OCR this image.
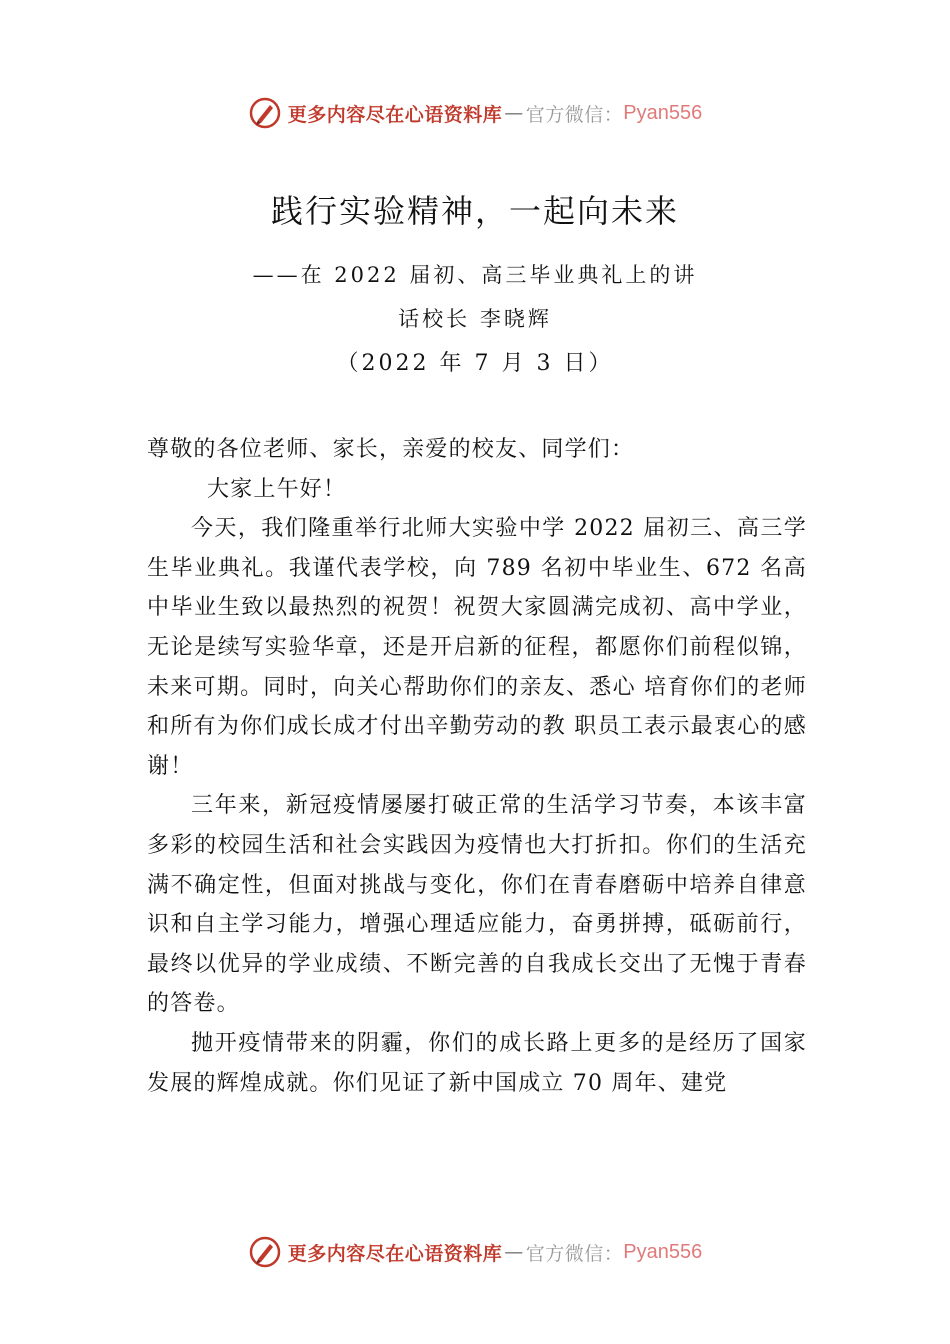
更多内容尽在心语资料库 — 官方微信： Pyan556
践行实验精神，一起向未来
——在 2022 届初、高三毕业典礼上的讲
话校长 李晓辉
（2022 年 7 月 3 日）

尊敬的各位老师、家长，亲爱的校友、同学们：

大家上午好！

今天，我们隆重举行北师大实验中学 2022 届初三、高三学生毕业典礼。我谨代表学校，向 789 名初中毕业生、672 名高中毕业生致以最热烈的祝贺！祝贺大家圆满完成初、高中学业，无论是续写实验华章，还是开启新的征程，都愿你们前程似锦，未来可期。同时，向关心帮助你们的亲友、悉心 培育你们的老师和所有为你们成长成才付出辛勤劳动的教 职员工表示最衷心的感谢！

三年来，新冠疫情屡屡打破正常的生活学习节奏，本该丰富多彩的校园生活和社会实践因为疫情也大打折扣。你们的生活充满不确定性，但面对挑战与变化，你们在青春磨砺中培养自律意识和自主学习能力，增强心理适应能力，奋勇拼搏，砥砺前行，最终以优异的学业成绩、不断完善的自我成长交出了无愧于青春的答卷。

抛开疫情带来的阴霾，你们的成长路上更多的是经历了国家发展的辉煌成就。你们见证了新中国成立 70 周年、建党

更多内容尽在心语资料库 — 官方微信： Pyan556
